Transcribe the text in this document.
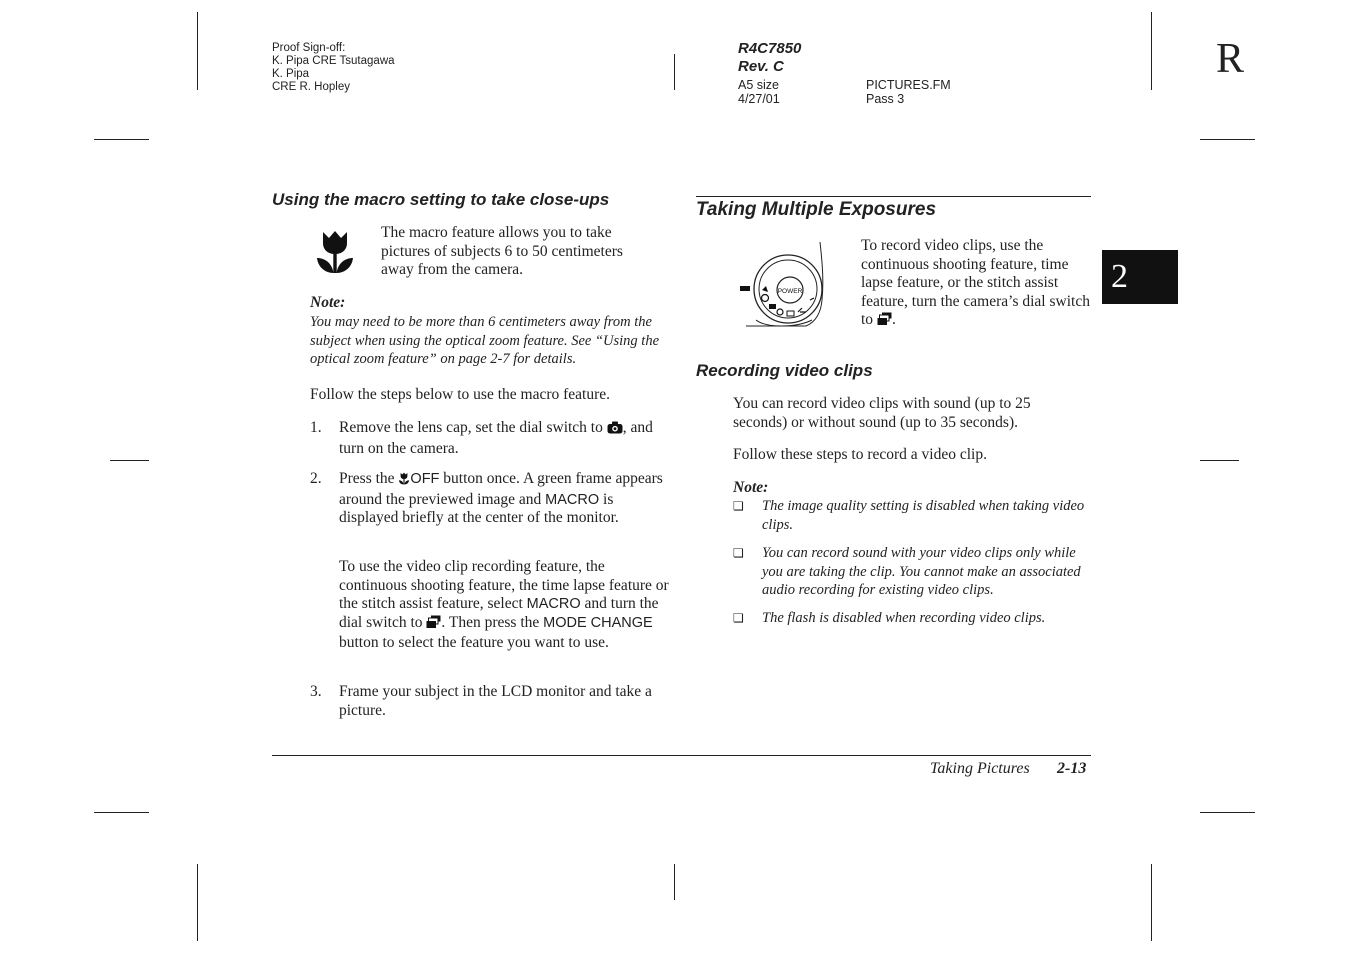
Proof Sign-off:
K. Pipa CRE Tsutagawa
K. Pipa
CRE R. Hopley
R4C7850
Rev. C
A5 size
4/27/01
PICTURES.FM
Pass 3
R
2
Using the macro setting to take close-ups
The macro feature allows you to take pictures of subjects 6 to 50 centimeters away from the camera.
Note:
You may need to be more than 6 centimeters away from the subject when using the optical zoom feature. See “Using the optical zoom feature” on page 2-7 for details.
Follow the steps below to use the macro feature.
1. Remove the lens cap, set the dial switch to , and turn on the camera.
2. Press the OFF button once. A green frame appears around the previewed image and MACRO is displayed briefly at the center of the monitor.
To use the video clip recording feature, the continuous shooting feature, the time lapse feature or the stitch assist feature, select MACRO and turn the dial switch to . Then press the MODE CHANGE button to select the feature you want to use.
3. Frame your subject in the LCD monitor and take a picture.
Taking Multiple Exposures
POWER
To record video clips, use the continuous shooting feature, time lapse feature, or the stitch assist feature, turn the camera’s dial switch to .
Recording video clips
You can record video clips with sound (up to 25 seconds) or without sound (up to 35 seconds).
Follow these steps to record a video clip.
Note:
❏ The image quality setting is disabled when taking video clips.
❏ You can record sound with your video clips only while you are taking the clip. You cannot make an associated audio recording for existing video clips.
❏ The flash is disabled when recording video clips.
Taking Pictures 2-13
